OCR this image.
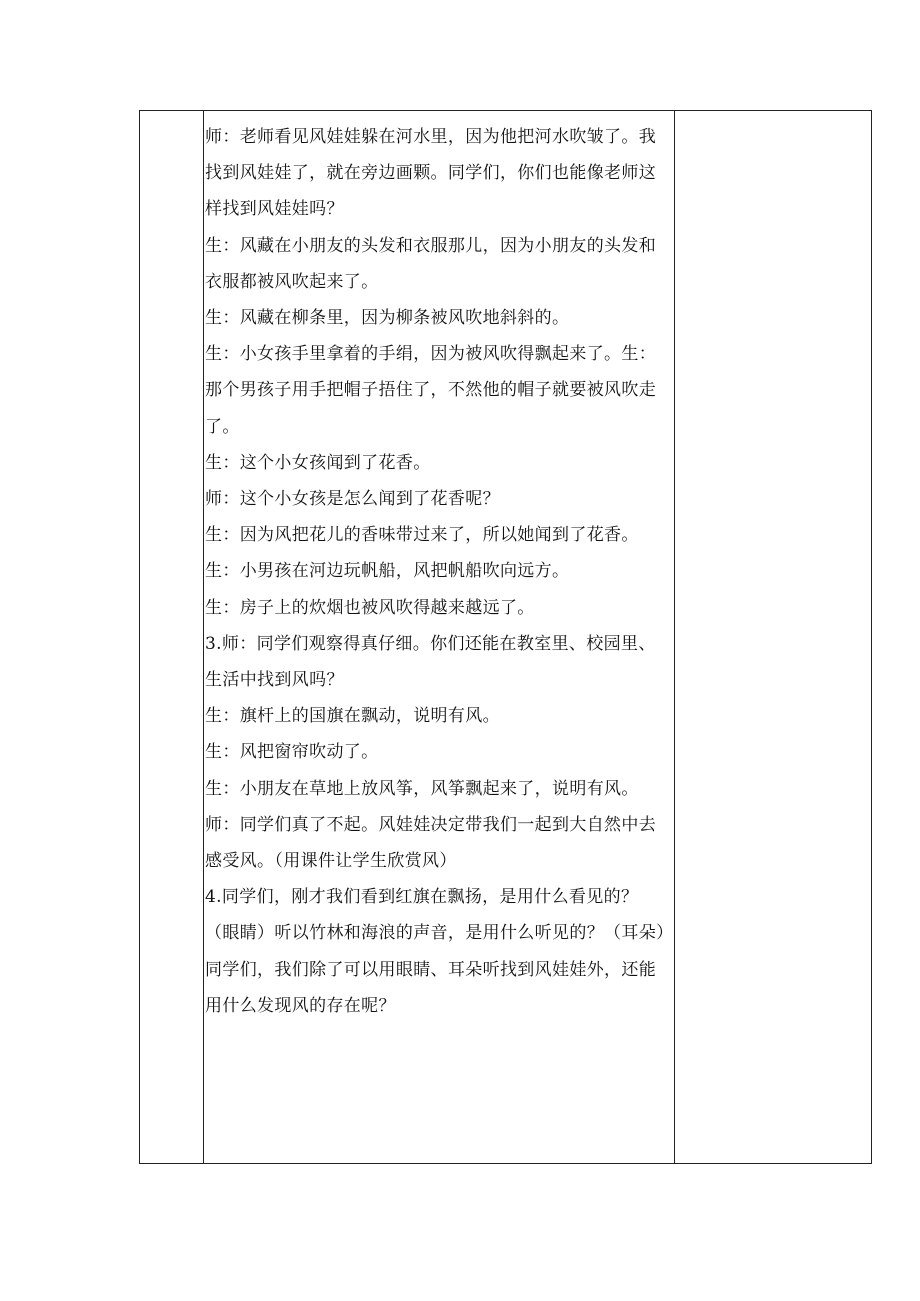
师：老师看见风娃娃躲在河水里，因为他把河水吹皱了。我找到风娃娃了，就在旁边画颗。同学们，你们也能像老师这样找到风娃娃吗？

生：风藏在小朋友的头发和衣服那儿，因为小朋友的头发和衣服都被风吹起来了。

生：风藏在柳条里，因为柳条被风吹地斜斜的。

生：小女孩手里拿着的手绢，因为被风吹得飘起来了。生：那个男孩子用手把帽子捂住了，不然他的帽子就要被风吹走了。

生：这个小女孩闻到了花香。

师：这个小女孩是怎么闻到了花香呢？

生：因为风把花儿的香味带过来了，所以她闻到了花香。

生：小男孩在河边玩帆船，风把帆船吹向远方。

生：房子上的炊烟也被风吹得越来越远了。

3.师：同学们观察得真仔细。你们还能在教室里、校园里、生活中找到风吗？

生：旗杆上的国旗在飘动，说明有风。

生：风把窗帘吹动了。

生：小朋友在草地上放风筝，风筝飘起来了，说明有风。

师：同学们真了不起。风娃娃决定带我们一起到大自然中去感受风。（用课件让学生欣赏风）

4.同学们，刚才我们看到红旗在飘扬，是用什么看见的？（眼睛）听以竹林和海浪的声音，是用什么听见的？（耳朵）同学们，我们除了可以用眼睛、耳朵听找到风娃娃外，还能用什么发现风的存在呢？
